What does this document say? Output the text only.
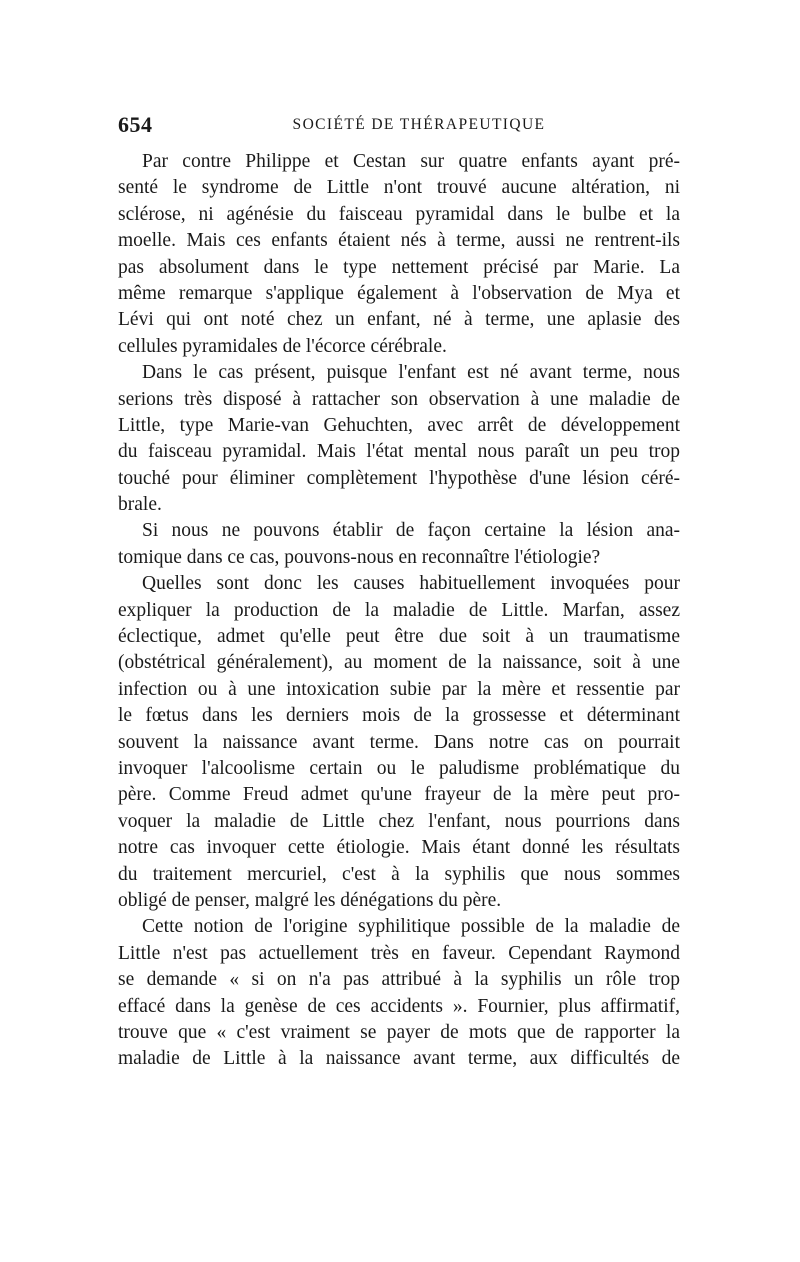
654	SOCIÉTÉ DE THÉRAPEUTIQUE
Par contre Philippe et Cestan sur quatre enfants ayant pré-
senté le syndrome de Little n'ont trouvé aucune altération, ni
sclérose, ni agénésie du faisceau pyramidal dans le bulbe et la
moelle. Mais ces enfants étaient nés à terme, aussi ne rentrent-ils
pas absolument dans le type nettement précisé par Marie. La
même remarque s'applique également à l'observation de Mya et
Lévi qui ont noté chez un enfant, né à terme, une aplasie des
cellules pyramidales de l'écorce cérébrale.
Dans le cas présent, puisque l'enfant est né avant terme, nous
serions très disposé à rattacher son observation à une maladie de
Little, type Marie-van Gehuchten, avec arrêt de développement
du faisceau pyramidal. Mais l'état mental nous paraît un peu trop
touché pour éliminer complètement l'hypothèse d'une lésion céré-
brale.
Si nous ne pouvons établir de façon certaine la lésion ana-
tomique dans ce cas, pouvons-nous en reconnaître l'étiologie?
Quelles sont donc les causes habituellement invoquées pour
expliquer la production de la maladie de Little. Marfan, assez
éclectique, admet qu'elle peut être due soit à un traumatisme
(obstétrical généralement), au moment de la naissance, soit à une
infection ou à une intoxication subie par la mère et ressentie par
le fœtus dans les derniers mois de la grossesse et déterminant
souvent la naissance avant terme. Dans notre cas on pourrait
invoquer l'alcoolisme certain ou le paludisme problématique du
père. Comme Freud admet qu'une frayeur de la mère peut pro-
voquer la maladie de Little chez l'enfant, nous pourrions dans
notre cas invoquer cette étiologie. Mais étant donné les résultats
du traitement mercuriel, c'est à la syphilis que nous sommes
obligé de penser, malgré les dénégations du père.
Cette notion de l'origine syphilitique possible de la maladie de
Little n'est pas actuellement très en faveur. Cependant Raymond
se demande « si on n'a pas attribué à la syphilis un rôle trop
effacé dans la genèse de ces accidents ». Fournier, plus affirmatif,
trouve que « c'est vraiment se payer de mots que de rapporter la
maladie de Little à la naissance avant terme, aux difficultés de
